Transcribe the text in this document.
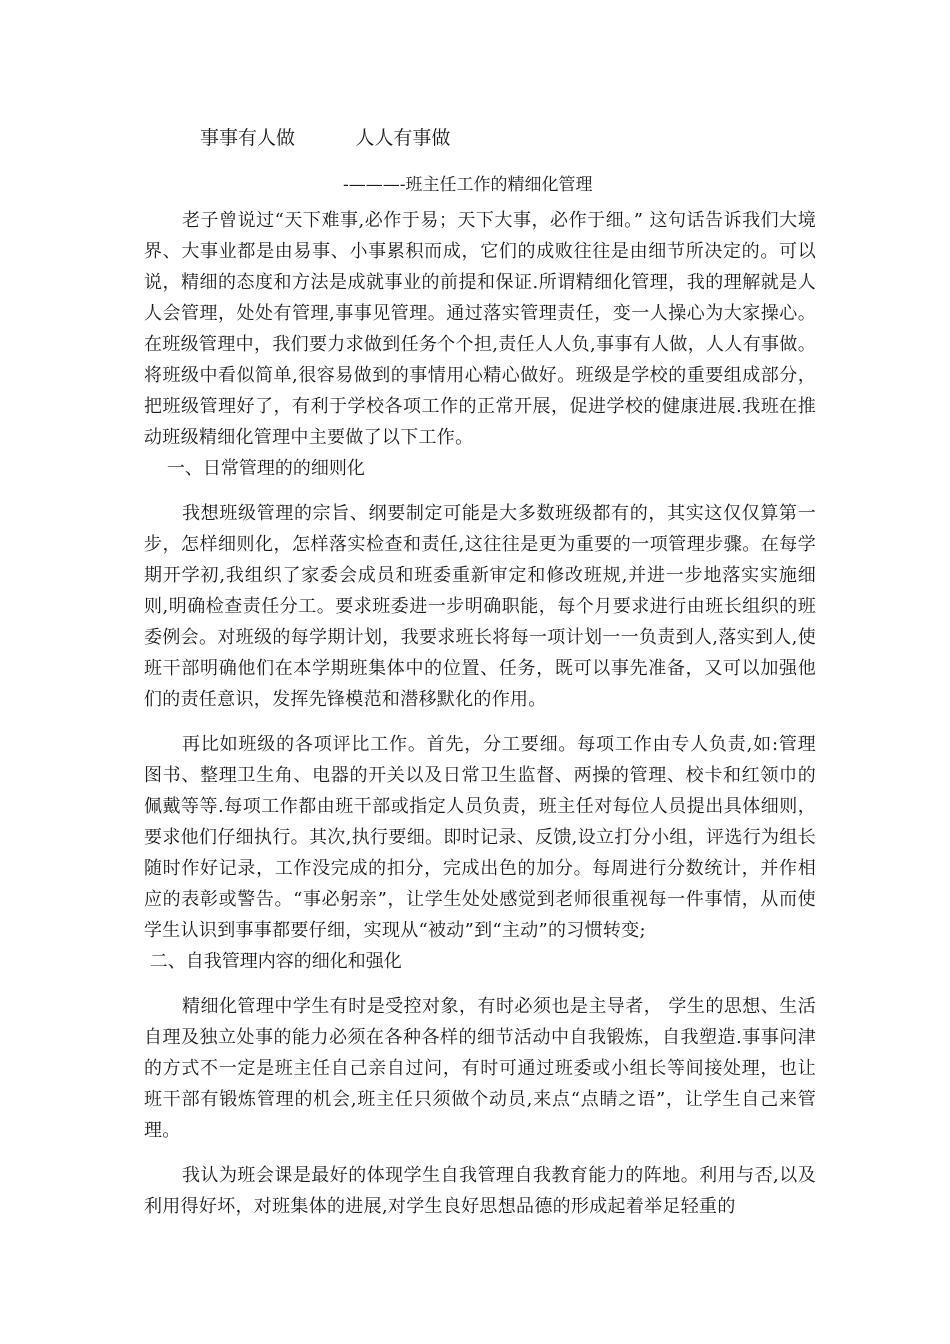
事事有人做          人人有事做
-———-班主任工作的精细化管理

老子曾说过“天下难事,必作于易；天下大事，必作于细。” 这句话告诉我们大境界、大事业都是由易事、小事累积而成，它们的成败往往是由细节所决定的。可以说，精细的态度和方法是成就事业的前提和保证.所谓精细化管理，我的理解就是人人会管理，处处有管理,事事见管理。通过落实管理责任，变一人操心为大家操心。在班级管理中，我们要力求做到任务个个担,责任人人负,事事有人做，人人有事做。将班级中看似简单,很容易做到的事情用心精心做好。班级是学校的重要组成部分，把班级管理好了，有利于学校各项工作的正常开展，促进学校的健康进展.我班在推动班级精细化管理中主要做了以下工作。

一、日常管理的的细则化

我想班级管理的宗旨、纲要制定可能是大多数班级都有的，其实这仅仅算第一步，怎样细则化，怎样落实检查和责任,这往往是更为重要的一项管理步骤。在每学期开学初,我组织了家委会成员和班委重新审定和修改班规,并进一步地落实实施细则,明确检查责任分工。要求班委进一步明确职能，每个月要求进行由班长组织的班委例会。对班级的每学期计划，我要求班长将每一项计划一一负责到人,落实到人,使班干部明确他们在本学期班集体中的位置、任务，既可以事先准备，又可以加强他们的责任意识，发挥先锋模范和潜移默化的作用。

再比如班级的各项评比工作。首先，分工要细。每项工作由专人负责,如:管理图书、整理卫生角、电器的开关以及日常卫生监督、两操的管理、校卡和红领巾的佩戴等等.每项工作都由班干部或指定人员负责，班主任对每位人员提出具体细则，要求他们仔细执行。其次,执行要细。即时记录、反馈,设立打分小组，评选行为组长随时作好记录，工作没完成的扣分，完成出色的加分。每周进行分数统计，并作相应的表彰或警告。“事必躬亲”，让学生处处感觉到老师很重视每一件事情，从而使学生认识到事事都要仔细，实现从“被动”到“主动”的习惯转变;

二、自我管理内容的细化和强化

精细化管理中学生有时是受控对象，有时必须也是主导者， 学生的思想、生活自理及独立处事的能力必须在各种各样的细节活动中自我锻炼，自我塑造.事事问津的方式不一定是班主任自己亲自过问，有时可通过班委或小组长等间接处理，也让班干部有锻炼管理的机会,班主任只须做个动员,来点“点睛之语”，让学生自己来管理。

我认为班会课是最好的体现学生自我管理自我教育能力的阵地。利用与否,以及利用得好坏，对班集体的进展,对学生良好思想品德的形成起着举足轻重的
